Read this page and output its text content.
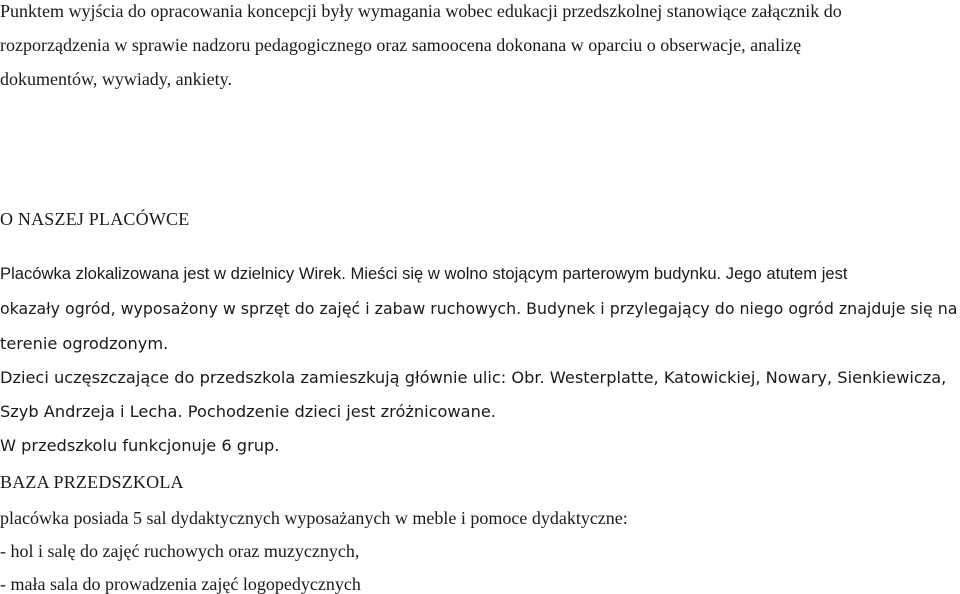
Punktem wyjścia do opracowania koncepcji były wymagania wobec edukacji przedszkolnej stanowiące załącznik do
rozporządzenia w sprawie nadzoru pedagogicznego oraz samoocena dokonana w oparciu o obserwacje, analizę
dokumentów, wywiady, ankiety.
O NASZEJ PLACÓWCE
Placówka zlokalizowana jest w dzielnicy Wirek. Mieści się w wolno stojącym parterowym budynku. Jego atutem jest
okazały ogród, wyposażony w sprzęt do zajęć i zabaw ruchowych. Budynek i przylegający do niego ogród znajduje się na
terenie ogrodzonym.
Dzieci uczęszczające do przedszkola zamieszkują głównie ulic: Obr. Westerplatte, Katowickiej, Nowary, Sienkiewicza,
Szyb Andrzeja i Lecha. Pochodzenie dzieci jest zróżnicowane.
W przedszkolu funkcjonuje 6 grup.
BAZA PRZEDSZKOLA
placówka posiada 5 sal dydaktycznych wyposażanych w meble i pomoce dydaktyczne:
- hol i salę do zajęć ruchowych oraz muzycznych,
- mała sala do prowadzenia zajęć logopedycznych
